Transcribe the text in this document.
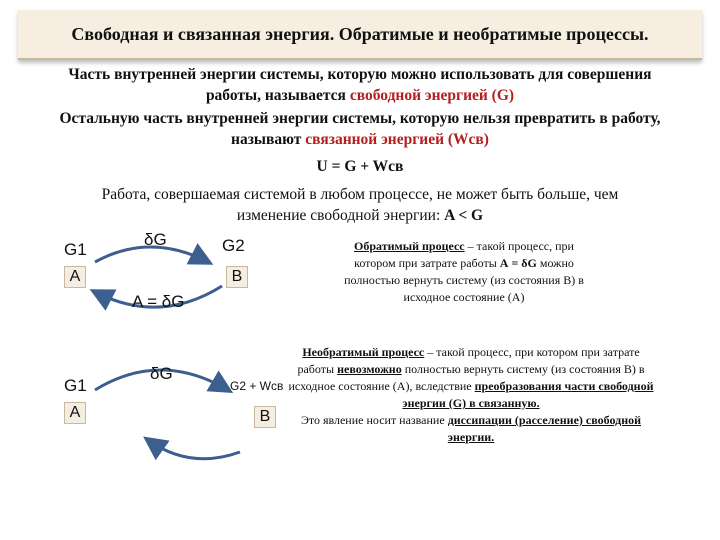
Свободная и связанная энергия. Обратимые и необратимые процессы.
Часть внутренней энергии системы, которую можно использовать для совершения работы, называется свободной энергией (G)
Остальную часть внутренней энергии системы, которую нельзя превратить в работу, называют связанной энергией (Wсв)
U = G + Wсв
Работа, совершаемая системой в любом процессе, не может быть больше, чем
изменение свободной энергии: A < G
G1
A
δG	G2
B
A = δG
G1
A
δG
G2 + Wсв
B
Обратимый процесс – такой процесс, при котором при затрате работы А = δG можно полностью вернуть систему (из состояния В) в исходное состояние (А)
Необратимый процесс – такой процесс, при котором при затрате работы невозможно полностью вернуть систему (из состояния В) в исходное состояние (А), вследствие преобразования части свободной энергии (G) в связанную.
Это явление носит название диссипации (расселение) свободной энергии.
